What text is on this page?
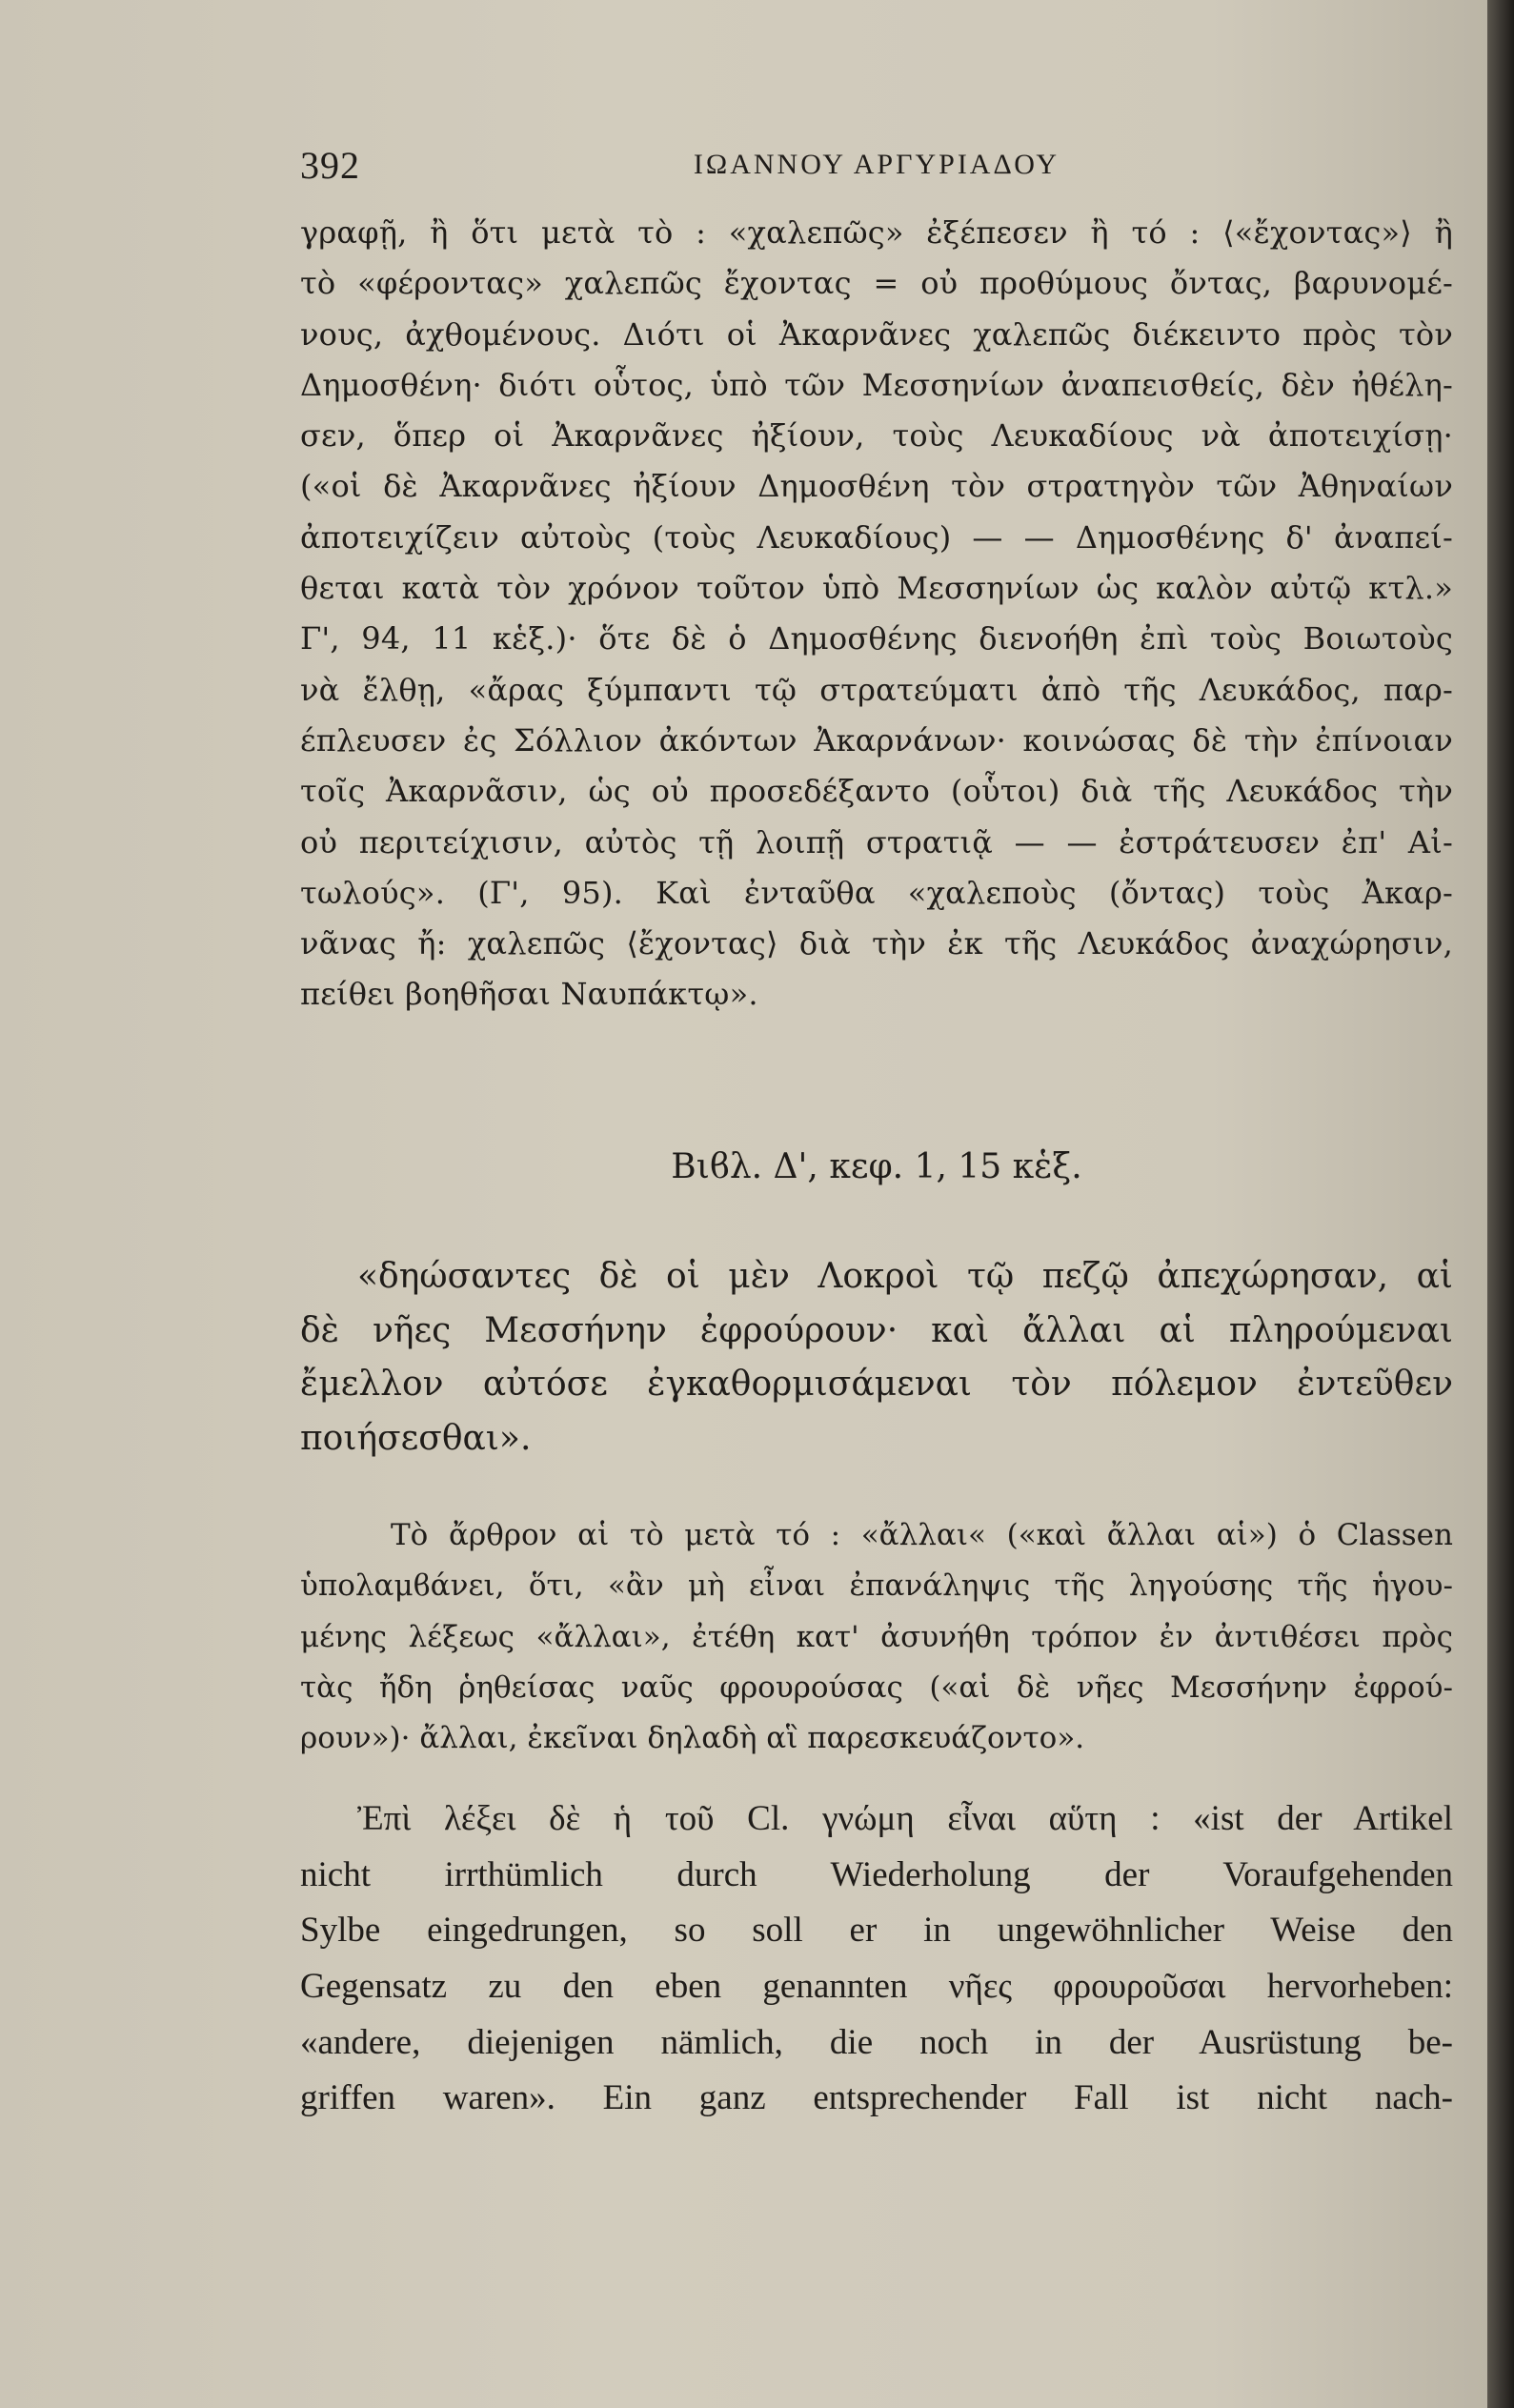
392	ΙΩΑΝΝΟΥ ΑΡΓΥΡΙΑΔΟΥ
γραφῇ, ἢ ὅτι μετὰ τὸ : «χαλεπῶς» ἐξέπεσεν ἢ τό : ⟨«ἔχοντας»⟩ ἢ
τὸ «φέροντας» χαλεπῶς ἔχοντας = οὐ προθύμους ὄντας, βαρυνομέ-
νους, ἀχθομένους. Διότι οἱ Ἀκαρνᾶνες χαλεπῶς διέκειντο πρὸς τὸν
Δημοσθένη· διότι οὗτος, ὑπὸ τῶν Μεσσηνίων ἀναπεισθείς, δὲν ἠθέλη-
σεν, ὅπερ οἱ Ἀκαρνᾶνες ἠξίουν, τοὺς Λευκαδίους νὰ ἀποτειχίσῃ·
(«οἱ δὲ Ἀκαρνᾶνες ἠξίουν Δημοσθένη τὸν στρατηγὸν τῶν Ἀθηναίων
ἀποτειχίζειν αὐτοὺς (τοὺς Λευκαδίους) — — Δημοσθένης δ' ἀναπεί-
θεται κατὰ τὸν χρόνον τοῦτον ὑπὸ Μεσσηνίων ὡς καλὸν αὐτῷ κτλ.»
Γ', 94, 11 κἑξ.)· ὅτε δὲ ὁ Δημοσθένης διενοήθη ἐπὶ τοὺς Βοιωτοὺς
νὰ ἔλθῃ, «ἄρας ξύμπαντι τῷ στρατεύματι ἀπὸ τῆς Λευκάδος, παρ-
έπλευσεν ἐς Σόλλιον ἀκόντων Ἀκαρνάνων· κοινώσας δὲ τὴν ἐπίνοιαν
τοῖς Ἀκαρνᾶσιν, ὡς οὐ προσεδέξαντο (οὗτοι) διὰ τῆς Λευκάδος τὴν
οὐ περιτείχισιν, αὐτὸς τῇ λοιπῇ στρατιᾷ — — ἐστράτευσεν ἐπ' Αἰ-
τωλούς». (Γ', 95). Καὶ ἐνταῦθα «χαλεποὺς (ὄντας) τοὺς Ἀκαρ-
νᾶνας ἤ: χαλεπῶς ⟨ἔχοντας⟩ διὰ τὴν ἐκ τῆς Λευκάδος ἀναχώρησιν,
πείθει βοηθῆσαι Ναυπάκτῳ».
Βιϐλ. Δ', κεφ. 1, 15 κἑξ.
«δηώσαντες δὲ οἱ μὲν Λοκροὶ τῷ πεζῷ ἀπεχώρησαν, αἱ
δὲ νῆες Μεσσήνην ἐφρούρουν· καὶ ἄλλαι αἱ πληρούμεναι
ἔμελλον αὐτόσε ἐγκαθορμισάμεναι τὸν πόλεμον ἐντεῦθεν
ποιήσεσθαι».
Τὸ ἄρθρον αἱ τὸ μετὰ τό : «ἄλλαι« («καὶ ἄλλαι αἱ») ὁ Classen
ὑπολαμϐάνει, ὅτι, «ἂν μὴ εἶναι ἐπανάληψις τῆς ληγούσης τῆς ἡγου-
μένης λέξεως «ἄλλαι», ἐτέθη κατ' ἀσυνήθη τρόπον ἐν ἀντιθέσει πρὸς
τὰς ἤδη ῥηθείσας ναῦς φρουρούσας («αἱ δὲ νῆες Μεσσήνην ἐφρού-
ρουν»)· ἄλλαι, ἐκεῖναι δηλαδὴ αἳ παρεσκευάζοντο».
Ἐπὶ λέξει δὲ ἡ τοῦ Cl. γνώμη εἶναι αὕτη : «ist der Artikel
nicht irrthümlich durch Wiederholung der Voraufgehenden
Sylbe eingedrungen, so soll er in ungewöhnlicher Weise den
Gegensatz zu den eben genannten νῆες φρουροῦσαι hervorheben:
«andere, diejenigen nämlich, die noch in der Ausrüstung be-
griffen waren». Ein ganz entsprechender Fall ist nicht nach-
